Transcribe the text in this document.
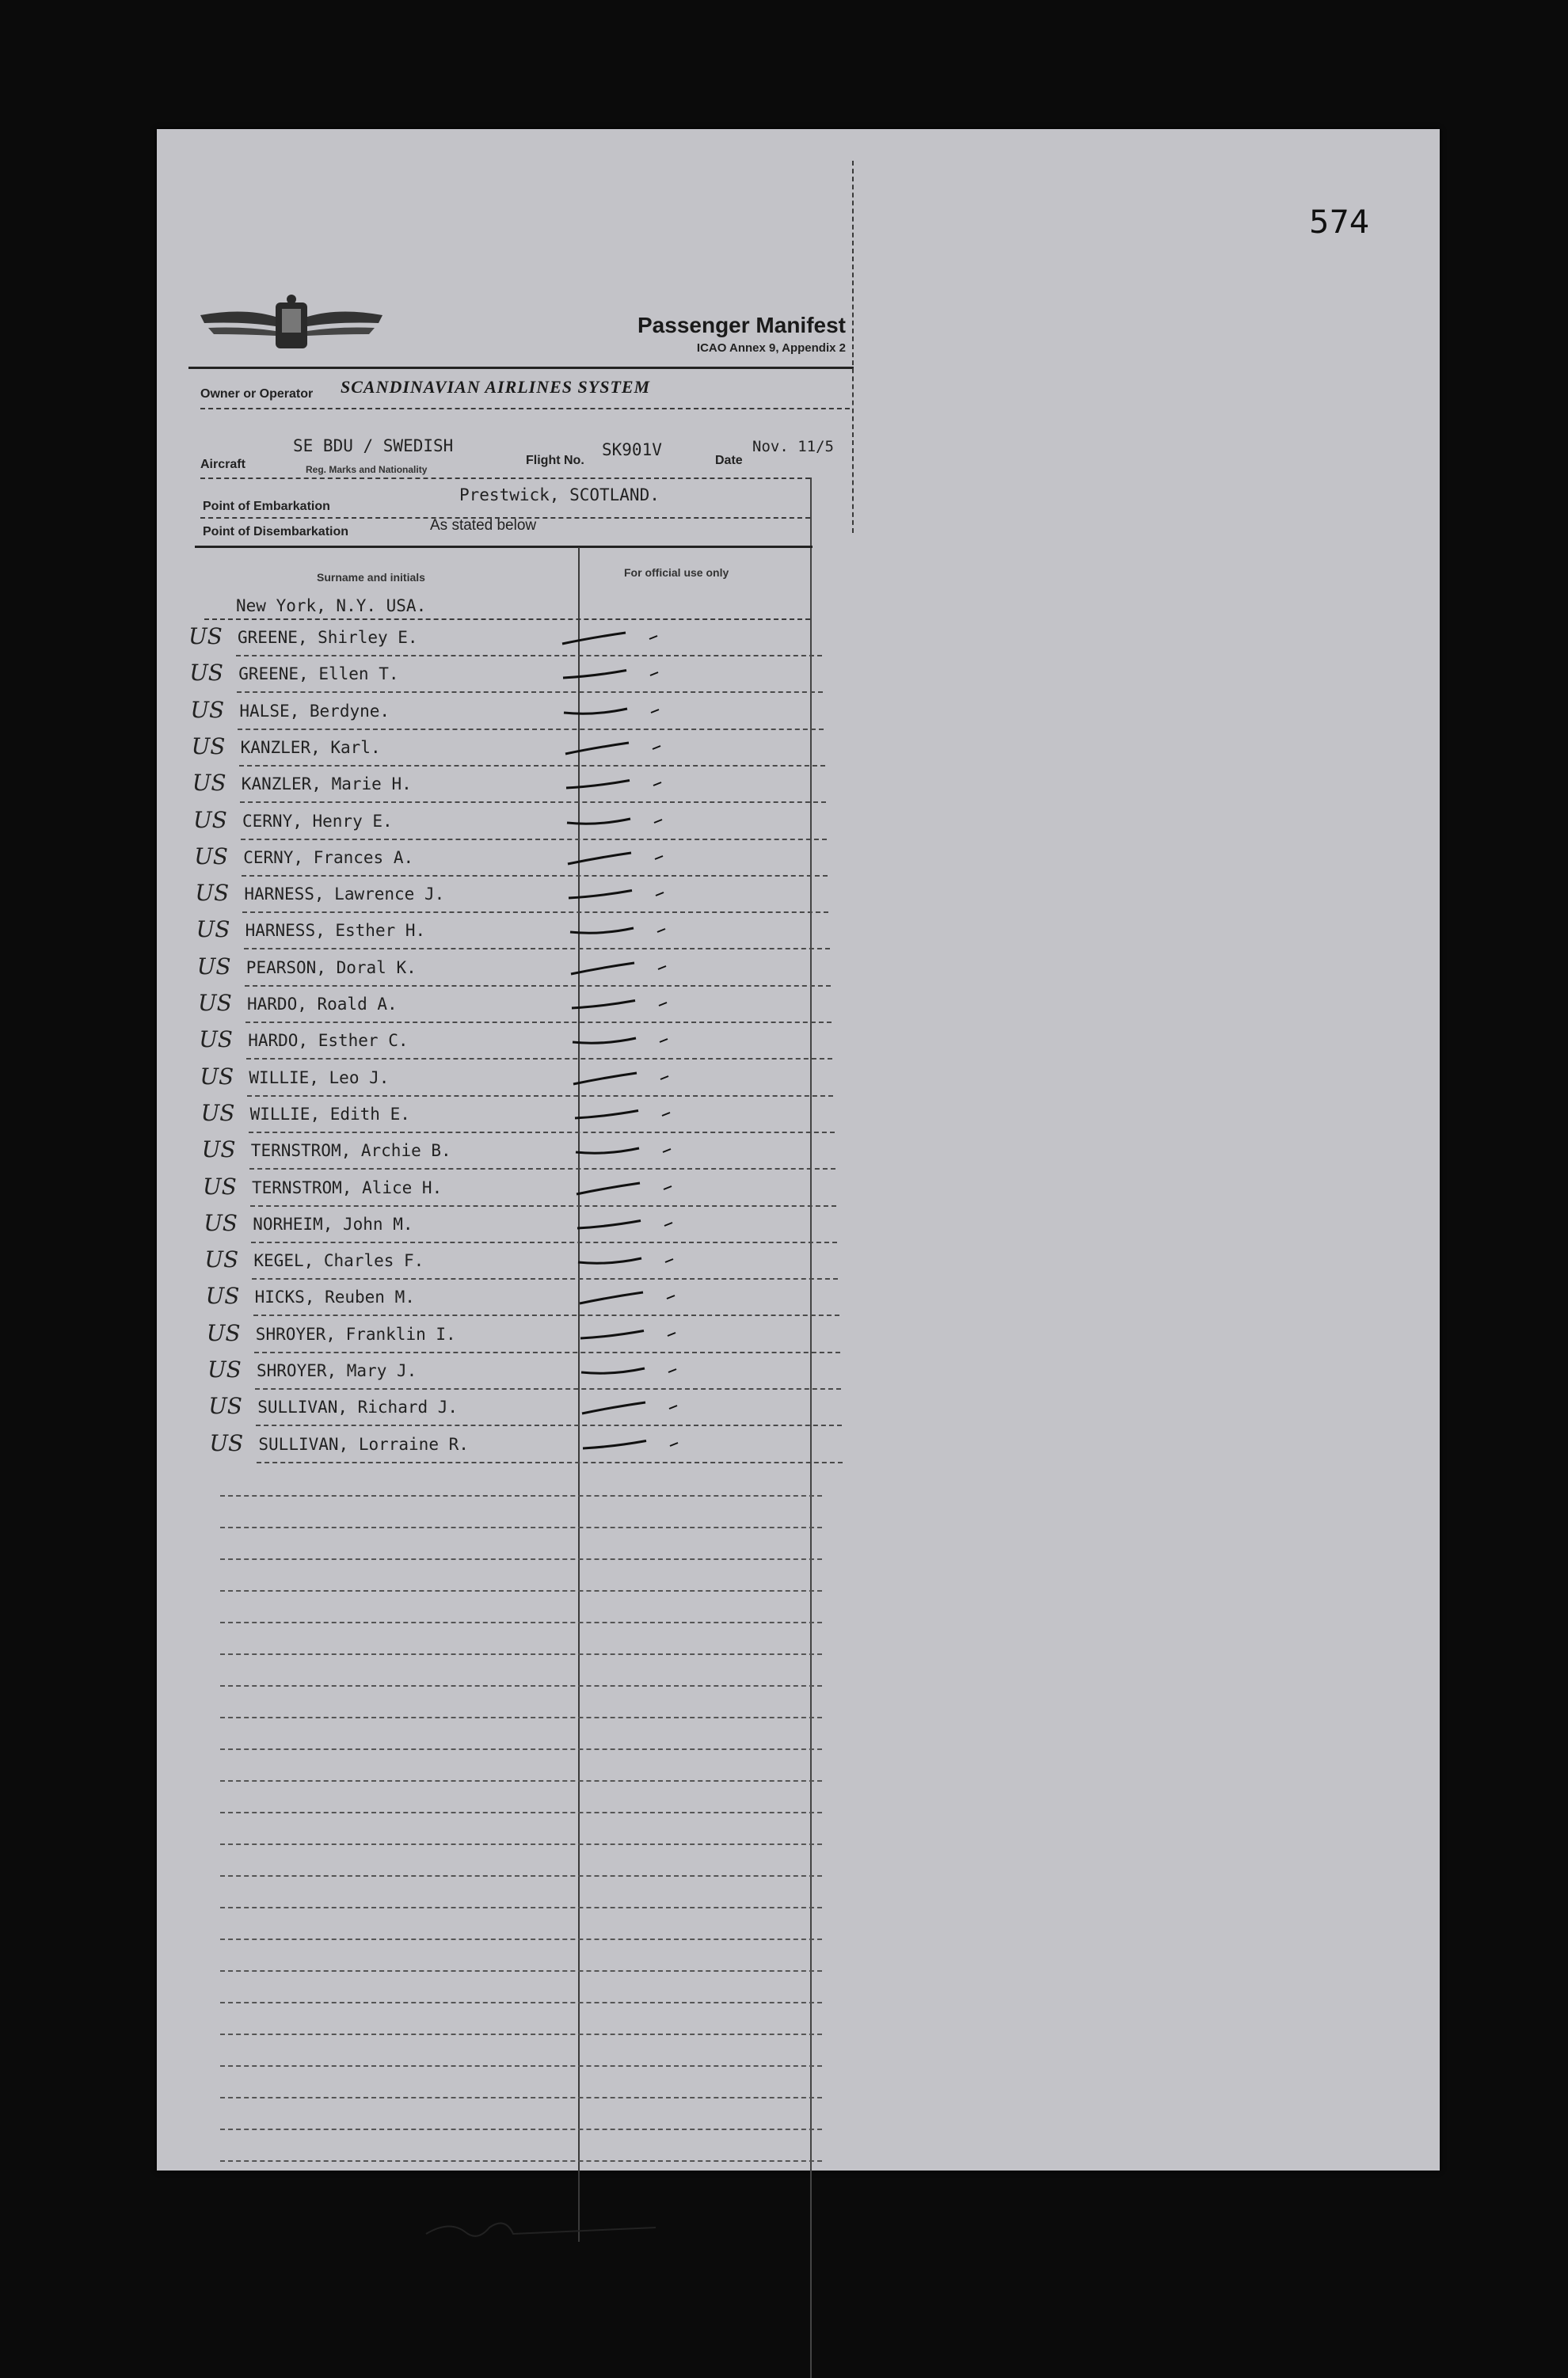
574
Passenger Manifest
ICAO Annex 9, Appendix 2
Owner or Operator SCANDINAVIAN AIRLINES SYSTEM
Aircraft
SE BDU / SWEDISH
Reg. Marks and Nationality
Flight No.
SK901V
Date
Nov. 11/5
Point of Embarkation
Prestwick, SCOTLAND.
Point of Disembarkation	As stated below
Surname and initials	For official use only
New York, N.Y. USA.
US GREENE, Shirley E.
US GREENE, Ellen T.
US HALSE, Berdyne.
US KANZLER, Karl.
US KANZLER, Marie H.
US CERNY, Henry E.
US CERNY, Frances A.
US HARNESS, Lawrence J.
US HARNESS, Esther H.
US PEARSON, Doral K.
US HARDO, Roald A.
US HARDO, Esther C.
US WILLIE, Leo J.
US WILLIE, Edith E.
US TERNSTROM, Archie B.
US TERNSTROM, Alice H.
US NORHEIM, John M.
US KEGEL, Charles F.
US HICKS, Reuben M.
US SHROYER, Franklin I.
US SHROYER, Mary J.
US SULLIVAN, Richard J.
US SULLIVAN, Lorraine R.
